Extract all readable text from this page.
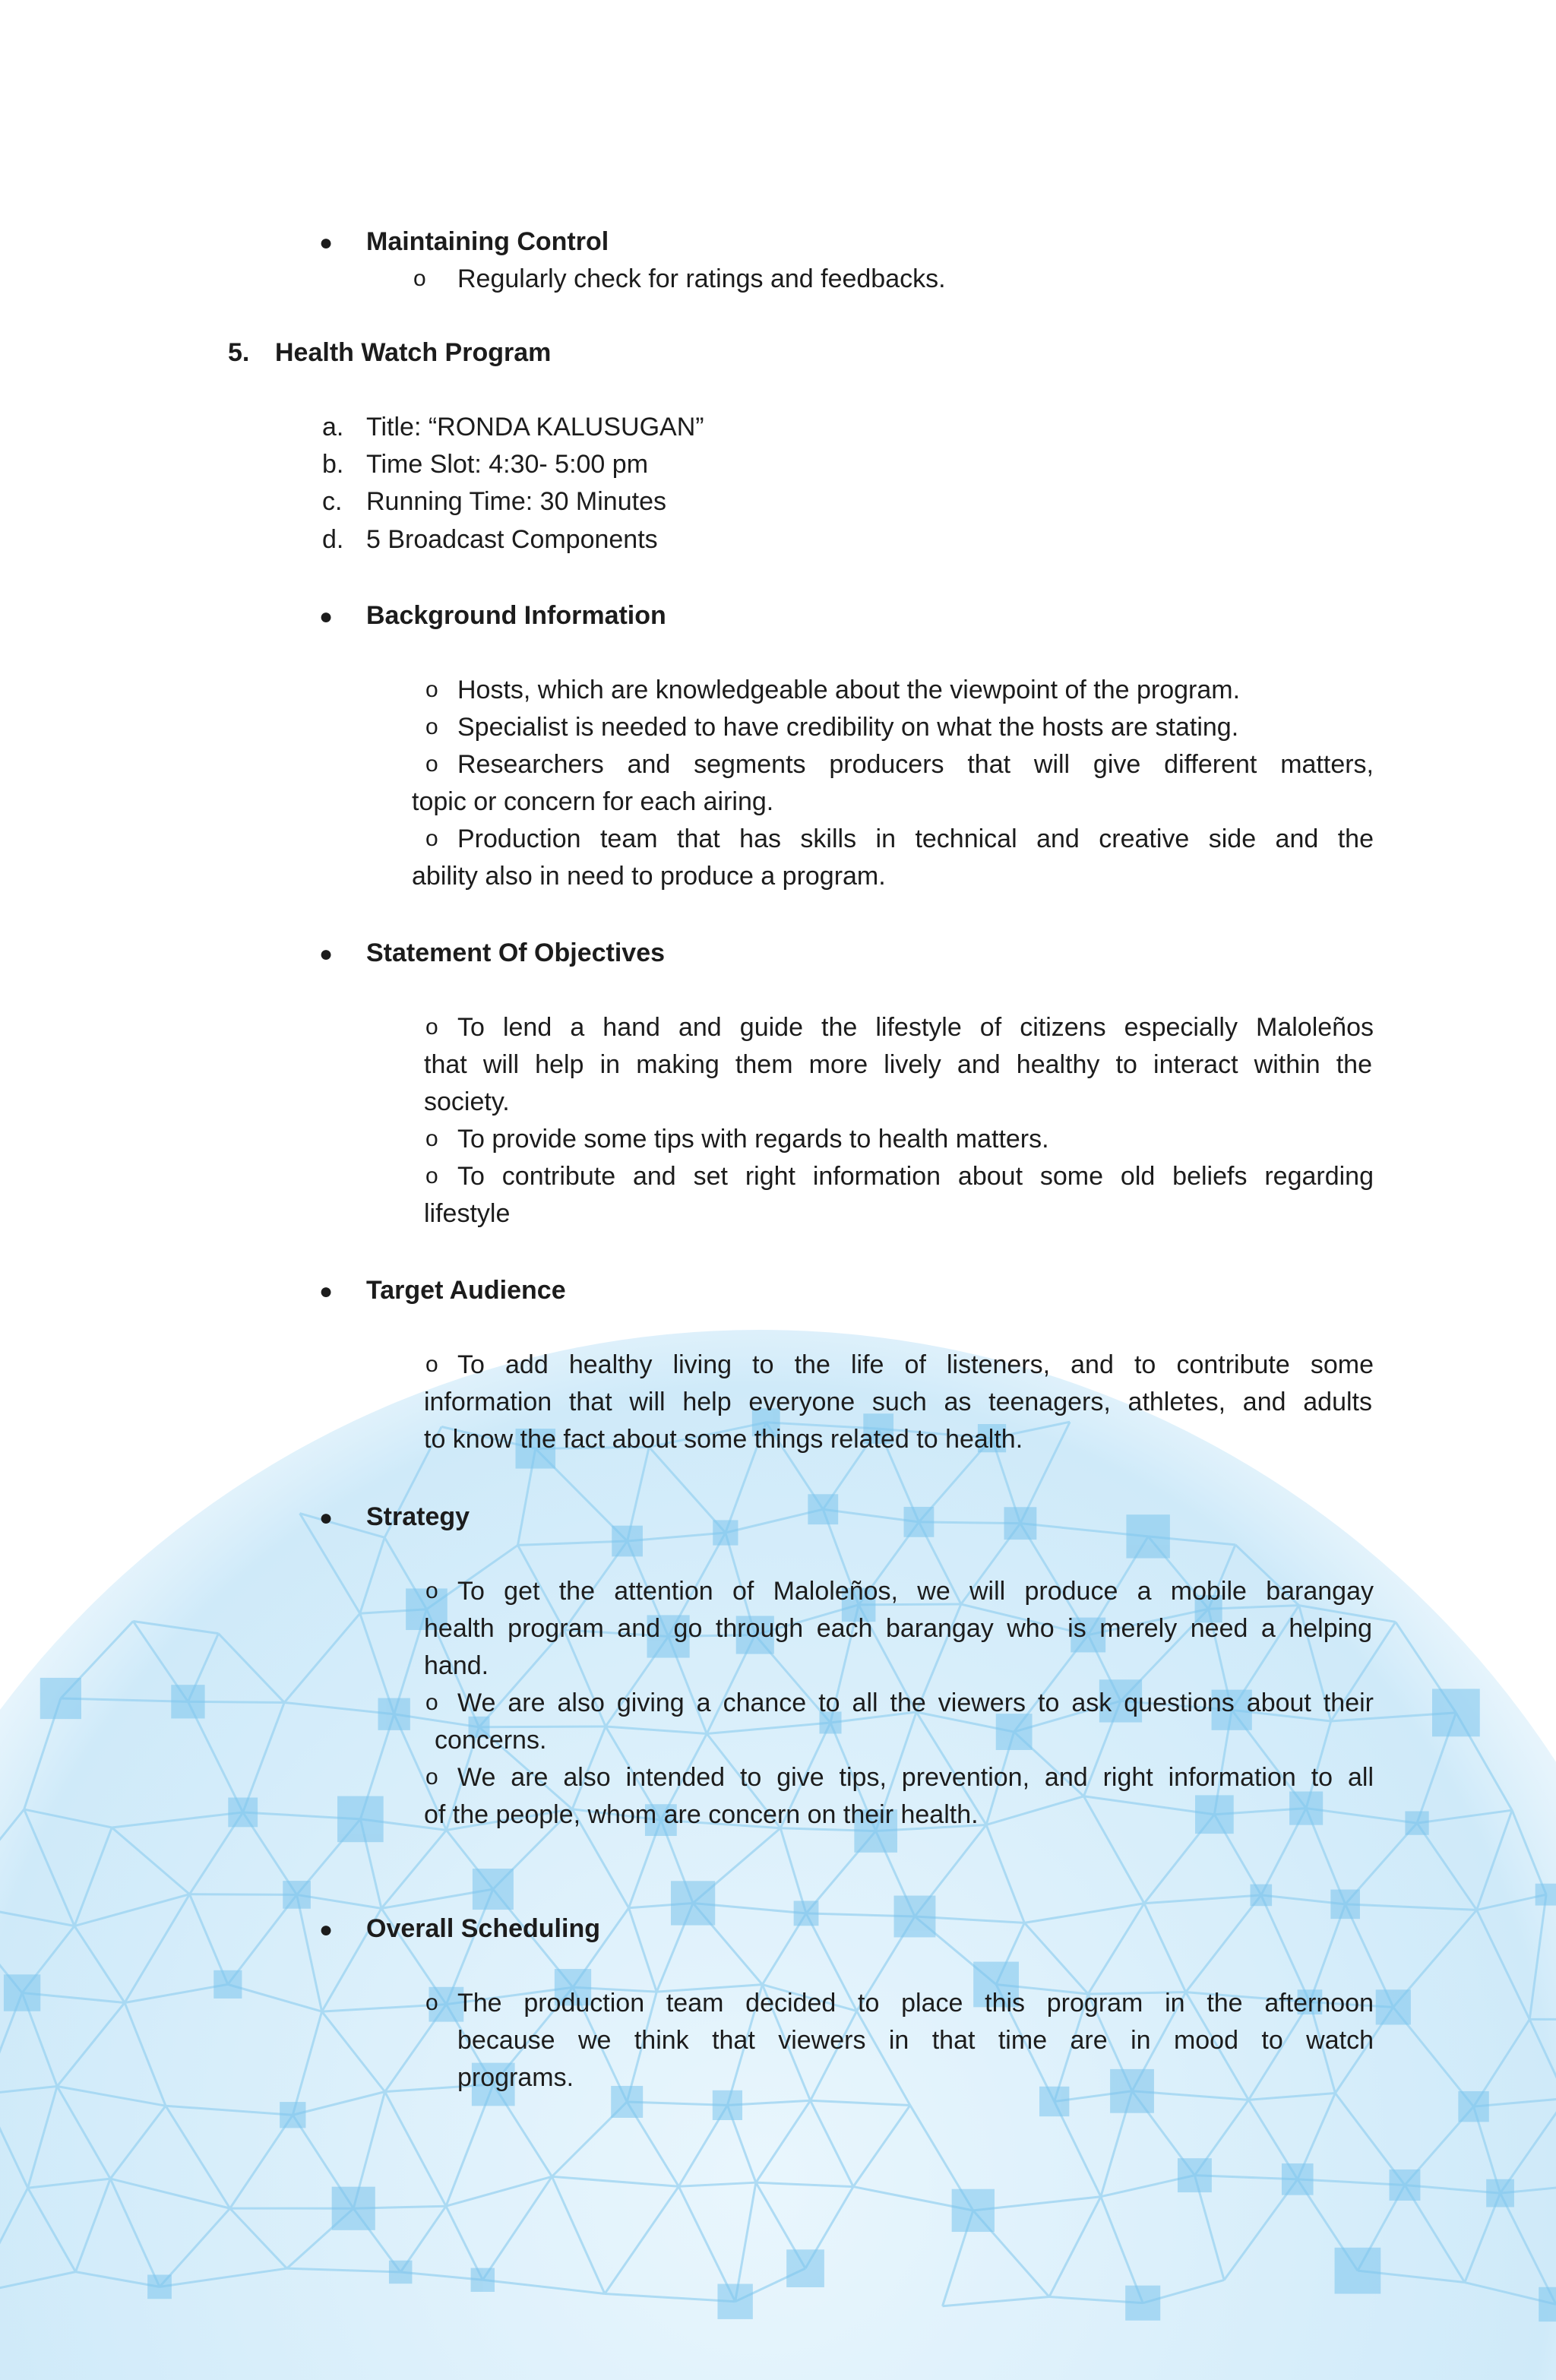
● Maintaining Control
o Regularly check for ratings and feedbacks.
5. Health Watch Program
a. Title: “RONDA KALUSUGAN”
b. Time Slot: 4:30- 5:00 pm
c. Running Time: 30 Minutes
d. 5 Broadcast Components
● Background Information
o Hosts, which are knowledgeable about the viewpoint of the program.
o Specialist is needed to have credibility on what the hosts are stating.
o Researchers and segments producers that will give different matters,
topic or concern for each airing.
o Production team that has skills in technical and creative side and the
ability also in need to produce a program.
● Statement Of Objectives
o To lend a hand and guide the lifestyle of citizens especially Maloleños
that will help in making them more lively and healthy to interact within the
society.
o To provide some tips with regards to health matters.
o To contribute and set right information about some old beliefs regarding
lifestyle
● Target Audience
o To add healthy living to the life of listeners, and to contribute some
information that will help everyone such as teenagers, athletes, and adults
to know the fact about some things related to health.
● Strategy
o To get the attention of Maloleños, we will produce a mobile barangay
health program and go through each barangay who is merely need a helping
hand.
o We are also giving a chance to all the viewers to ask questions about their
concerns.
o We are also intended to give tips, prevention, and right information to all
of the people, whom are concern on their health.
● Overall Scheduling
o The production team decided to place this program in the afternoon
because we think that viewers in that time are in mood to watch
programs.
